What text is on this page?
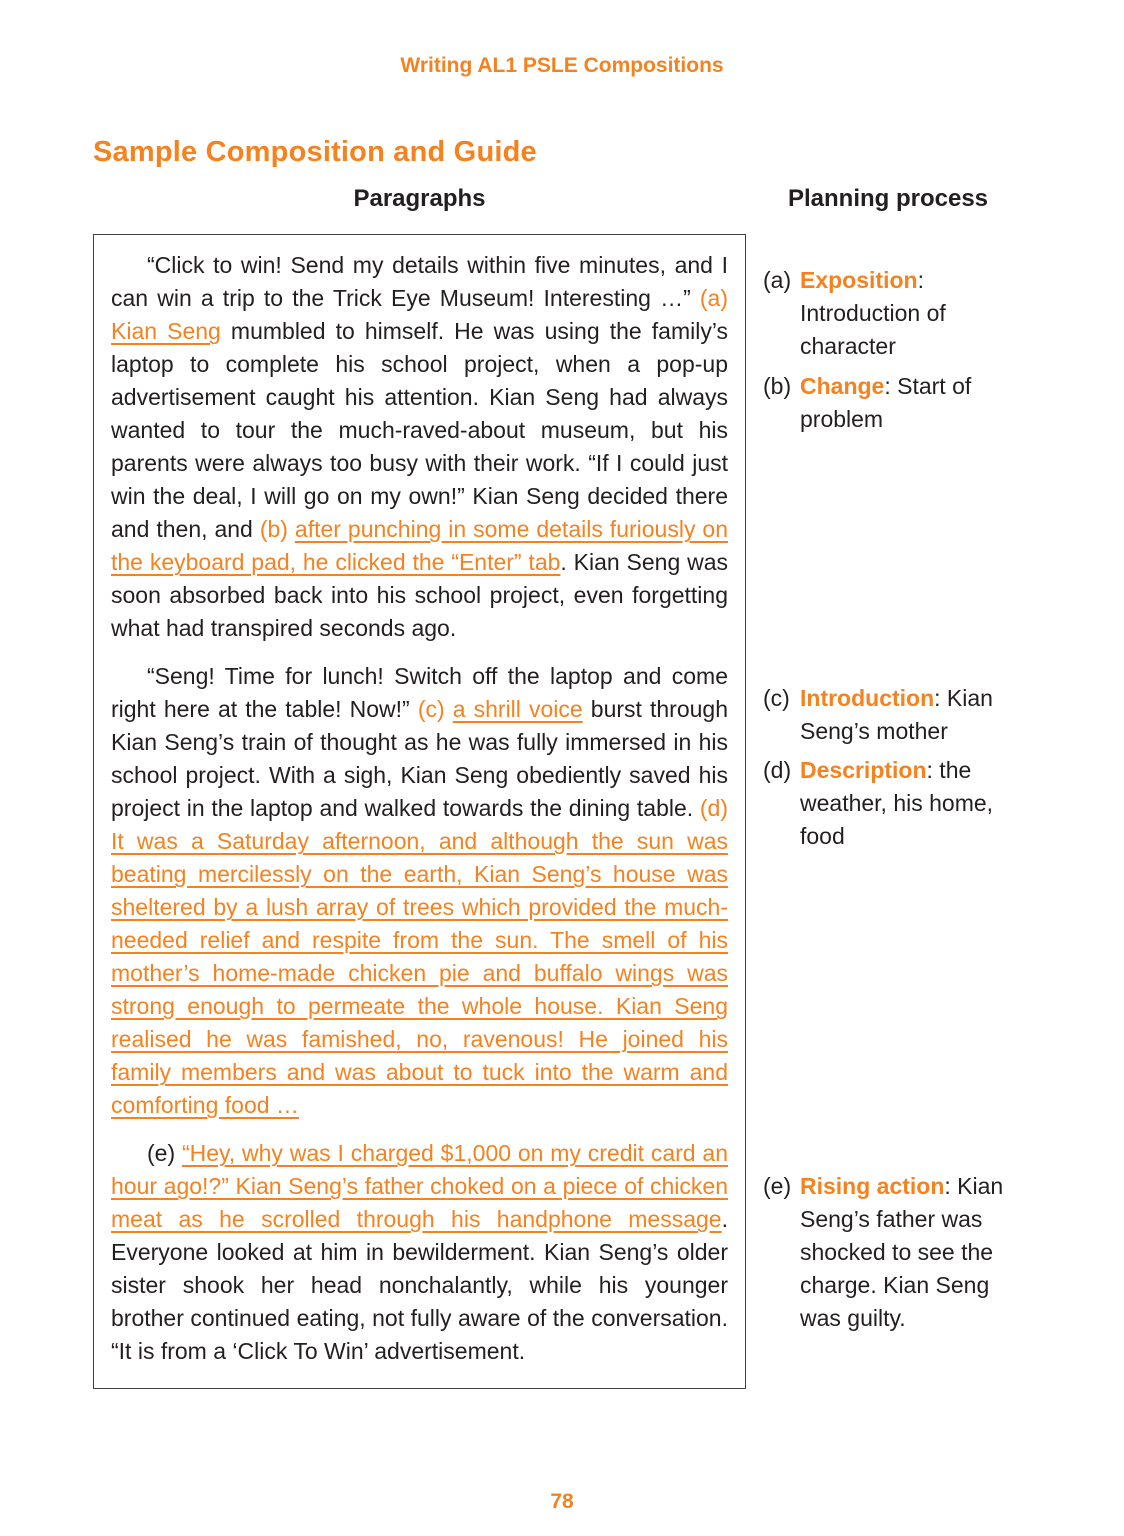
Writing AL1 PSLE Compositions
Sample Composition and Guide
Paragraphs	Planning process

“Click to win! Send my details within five minutes, and I can win a trip to the Trick Eye Museum! Interesting …” (a) Kian Seng mumbled to himself. He was using the family’s laptop to complete his school project, when a pop-up advertisement caught his attention. Kian Seng had always wanted to tour the much-raved-about museum, but his parents were always too busy with their work. “If I could just win the deal, I will go on my own!” Kian Seng decided there and then, and (b) after punching in some details furiously on the keyboard pad, he clicked the “Enter” tab. Kian Seng was soon absorbed back into his school project, even forgetting what had transpired seconds ago.

“Seng! Time for lunch! Switch off the laptop and come right here at the table! Now!” (c) a shrill voice burst through Kian Seng’s train of thought as he was fully immersed in his school project. With a sigh, Kian Seng obediently saved his project in the laptop and walked towards the dining table. (d) It was a Saturday afternoon, and although the sun was beating mercilessly on the earth, Kian Seng’s house was sheltered by a lush array of trees which provided the much-needed relief and respite from the sun. The smell of his mother’s home-made chicken pie and buffalo wings was strong enough to permeate the whole house. Kian Seng realised he was famished, no, ravenous! He joined his family members and was about to tuck into the warm and comforting food …

(e) “Hey, why was I charged $1,000 on my credit card an hour ago!?” Kian Seng’s father choked on a piece of chicken meat as he scrolled through his handphone message. Everyone looked at him in bewilderment. Kian Seng’s older sister shook her head nonchalantly, while his younger brother continued eating, not fully aware of the conversation. “It is from a ‘Click To Win’ advertisement.

(a) Exposition: Introduction of character
(b) Change: Start of problem
(c) Introduction: Kian Seng’s mother
(d) Description: the weather, his home, food
(e) Rising action: Kian Seng’s father was shocked to see the charge. Kian Seng was guilty.
78
